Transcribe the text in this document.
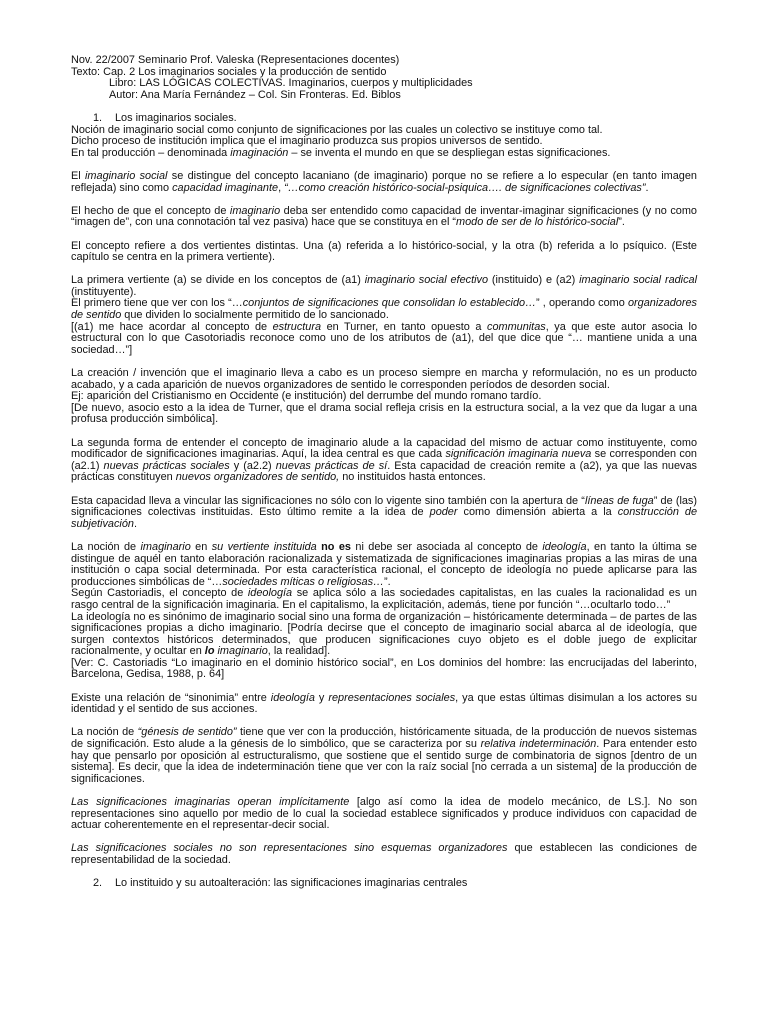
Nov. 22/2007 Seminario Prof. Valeska (Representaciones docentes)

Texto: Cap. 2 Los imaginarios sociales y la producción de sentido

Libro: LAS LÓGICAS COLECTIVAS. Imaginarios, cuerpos y multiplicidades

Autor: Ana María Fernández – Col. Sin Fronteras. Ed. Biblos

1. Los imaginarios sociales.

Noción de imaginario social como conjunto de significaciones por las cuales un colectivo se instituye como tal.

Dicho proceso de institución implica que el imaginario produzca sus propios universos de sentido.

En tal producción – denominada imaginación – se inventa el mundo en que se despliegan estas significaciones.

El imaginario social se distingue del concepto lacaniano (de imaginario) porque no se refiere a lo especular (en tanto imagen reflejada) sino como capacidad imaginante, “…como creación histórico-social-psiquica…. de significaciones colectivas”.

El hecho de que el concepto de imaginario deba ser entendido como capacidad de inventar-imaginar significaciones (y no como “imagen de”, con una connotación tal vez pasiva) hace que se constituya en el “modo de ser de lo histórico-social”.

El concepto refiere a dos vertientes distintas. Una (a) referida a lo histórico-social, y la otra (b) referida a lo psíquico. (Este capítulo se centra en la primera vertiente).

La primera vertiente (a) se divide en los conceptos de (a1) imaginario social efectivo (instituido) e (a2) imaginario social radical (instituyente).

El primero tiene que ver con los “…conjuntos de significaciones que consolidan lo establecido…” , operando como organizadores de sentido que dividen lo socialmente permitido de lo sancionado.

[(a1) me hace acordar al concepto de estructura en Turner, en tanto opuesto a communitas, ya que este autor asocia lo estructural con lo que Casotoriadis reconoce como uno de los atributos de (a1), del que dice que “… mantiene unida a una sociedad…”]

La creación / invención que el imaginario lleva a cabo es un proceso siempre en marcha y reformulación, no es un producto acabado, y a cada aparición de nuevos organizadores de sentido le corresponden períodos de desorden social.

Ej: aparición del Cristianismo en Occidente (e institución) del derrumbe del mundo romano tardío.

[De nuevo, asocio esto a la idea de Turner, que el drama social refleja crisis en la estructura social, a la vez que da lugar a una profusa producción simbólica].

La segunda forma de entender el concepto de imaginario alude a la capacidad del mismo de actuar como instituyente, como modificador de significaciones imaginarias. Aquí, la idea central es que cada significación imaginaria nueva se corresponden con (a2.1) nuevas prácticas sociales y (a2.2) nuevas prácticas de sí. Esta capacidad de creación remite a (a2), ya que las nuevas prácticas constituyen nuevos organizadores de sentido, no instituidos hasta entonces.

Esta capacidad lleva a vincular las significaciones no sólo con lo vigente sino también con la apertura de “líneas de fuga” de (las) significaciones colectivas instituidas. Esto último remite a la idea de poder como dimensión abierta a la construcción de subjetivación.

La noción de imaginario en su vertiente instituida no es ni debe ser asociada al concepto de ideología, en tanto la última se distingue de aquél en tanto elaboración racionalizada y sistematizada de significaciones imaginarias propias a las miras de una institución o capa social determinada. Por esta característica racional, el concepto de ideología no puede aplicarse para las producciones simbólicas de “…sociedades míticas o religiosas…”.

Según Castoriadis, el concepto de ideología se aplica sólo a las sociedades capitalistas, en las cuales la racionalidad es un rasgo central de la significación imaginaria. En el capitalismo, la explicitación, además, tiene por función “…ocultarlo todo…”

La ideología no es sinónimo de imaginario social sino una forma de organización – históricamente determinada – de partes de las significaciones propias a dicho imaginario. [Podría decirse que el concepto de imaginario social abarca al de ideología, que surgen contextos históricos determinados, que producen significaciones cuyo objeto es el doble juego de explicitar racionalmente, y ocultar en lo imaginario, la realidad].

[Ver: C. Castoriadis “Lo imaginario en el dominio histórico social”, en Los dominios del hombre: las encrucijadas del laberinto, Barcelona, Gedisa, 1988, p. 64]

Existe una relación de “sinonimia” entre ideología y representaciones sociales, ya que estas últimas disimulan a los actores su identidad y el sentido de sus acciones.

La noción de “génesis de sentido” tiene que ver con la producción, históricamente situada, de la producción de nuevos sistemas de significación. Esto alude a la génesis de lo simbólico, que se caracteriza por su relativa indeterminación. Para entender esto hay que pensarlo por oposición al estructuralismo, que sostiene que el sentido surge de combinatoria de signos [dentro de un sistema]. Es decir, que la idea de indeterminación tiene que ver con la raíz social [no cerrada a un sistema] de la producción de significaciones.

Las significaciones imaginarias operan implícitamente [algo así como la idea de modelo mecánico, de LS.]. No son representaciones sino aquello por medio de lo cual la sociedad establece significados y produce individuos con capacidad de actuar coherentemente en el representar-decir social.

Las significaciones sociales no son representaciones sino esquemas organizadores que establecen las condiciones de representabilidad de la sociedad.

2. Lo instituido y su autoalteración: las significaciones imaginarias centrales
